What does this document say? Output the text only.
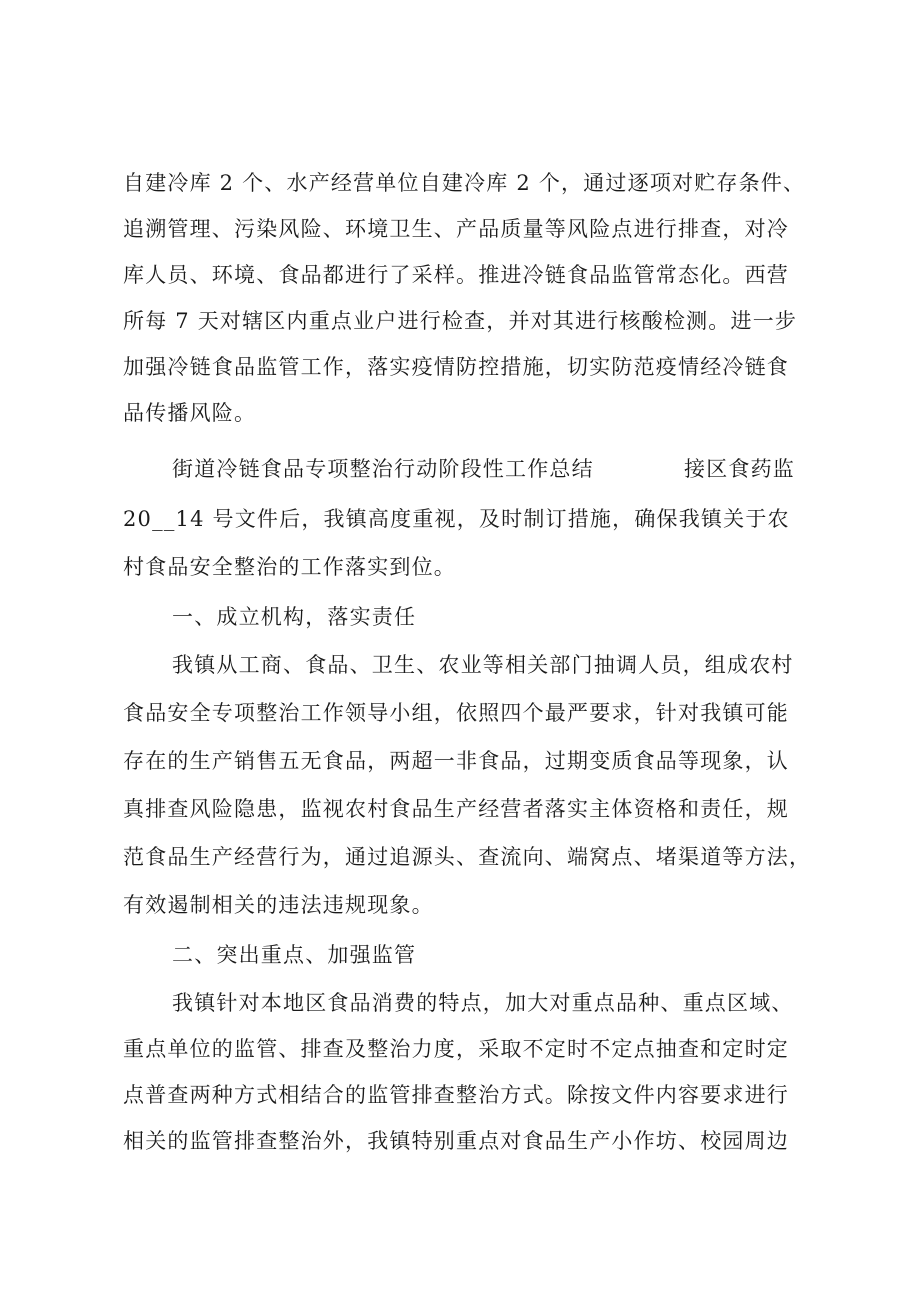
自建冷库 2 个、水产经营单位自建冷库 2 个，通过逐项对贮存条件、
追溯管理、污染风险、环境卫生、产品质量等风险点进行排查，对冷
库人员、环境、食品都进行了采样。推进冷链食品监管常态化。西营
所每 7 天对辖区内重点业户进行检查，并对其进行核酸检测。进一步
加强冷链食品监管工作，落实疫情防控措施，切实防范疫情经冷链食
品传播风险。
街道冷链食品专项整治行动阶段性工作总结	接区食药监
20__14 号文件后，我镇高度重视，及时制订措施，确保我镇关于农
村食品安全整治的工作落实到位。
一、成立机构，落实责任
我镇从工商、食品、卫生、农业等相关部门抽调人员，组成农村
食品安全专项整治工作领导小组，依照四个最严要求，针对我镇可能
存在的生产销售五无食品，两超一非食品，过期变质食品等现象，认
真排查风险隐患，监视农村食品生产经营者落实主体资格和责任，规
范食品生产经营行为，通过追源头、查流向、端窝点、堵渠道等方法，
有效遏制相关的违法违规现象。
二、突出重点、加强监管
我镇针对本地区食品消费的特点，加大对重点品种、重点区域、
重点单位的监管、排查及整治力度，采取不定时不定点抽查和定时定
点普查两种方式相结合的监管排查整治方式。除按文件内容要求进行
相关的监管排查整治外，我镇特别重点对食品生产小作坊、校园周边
